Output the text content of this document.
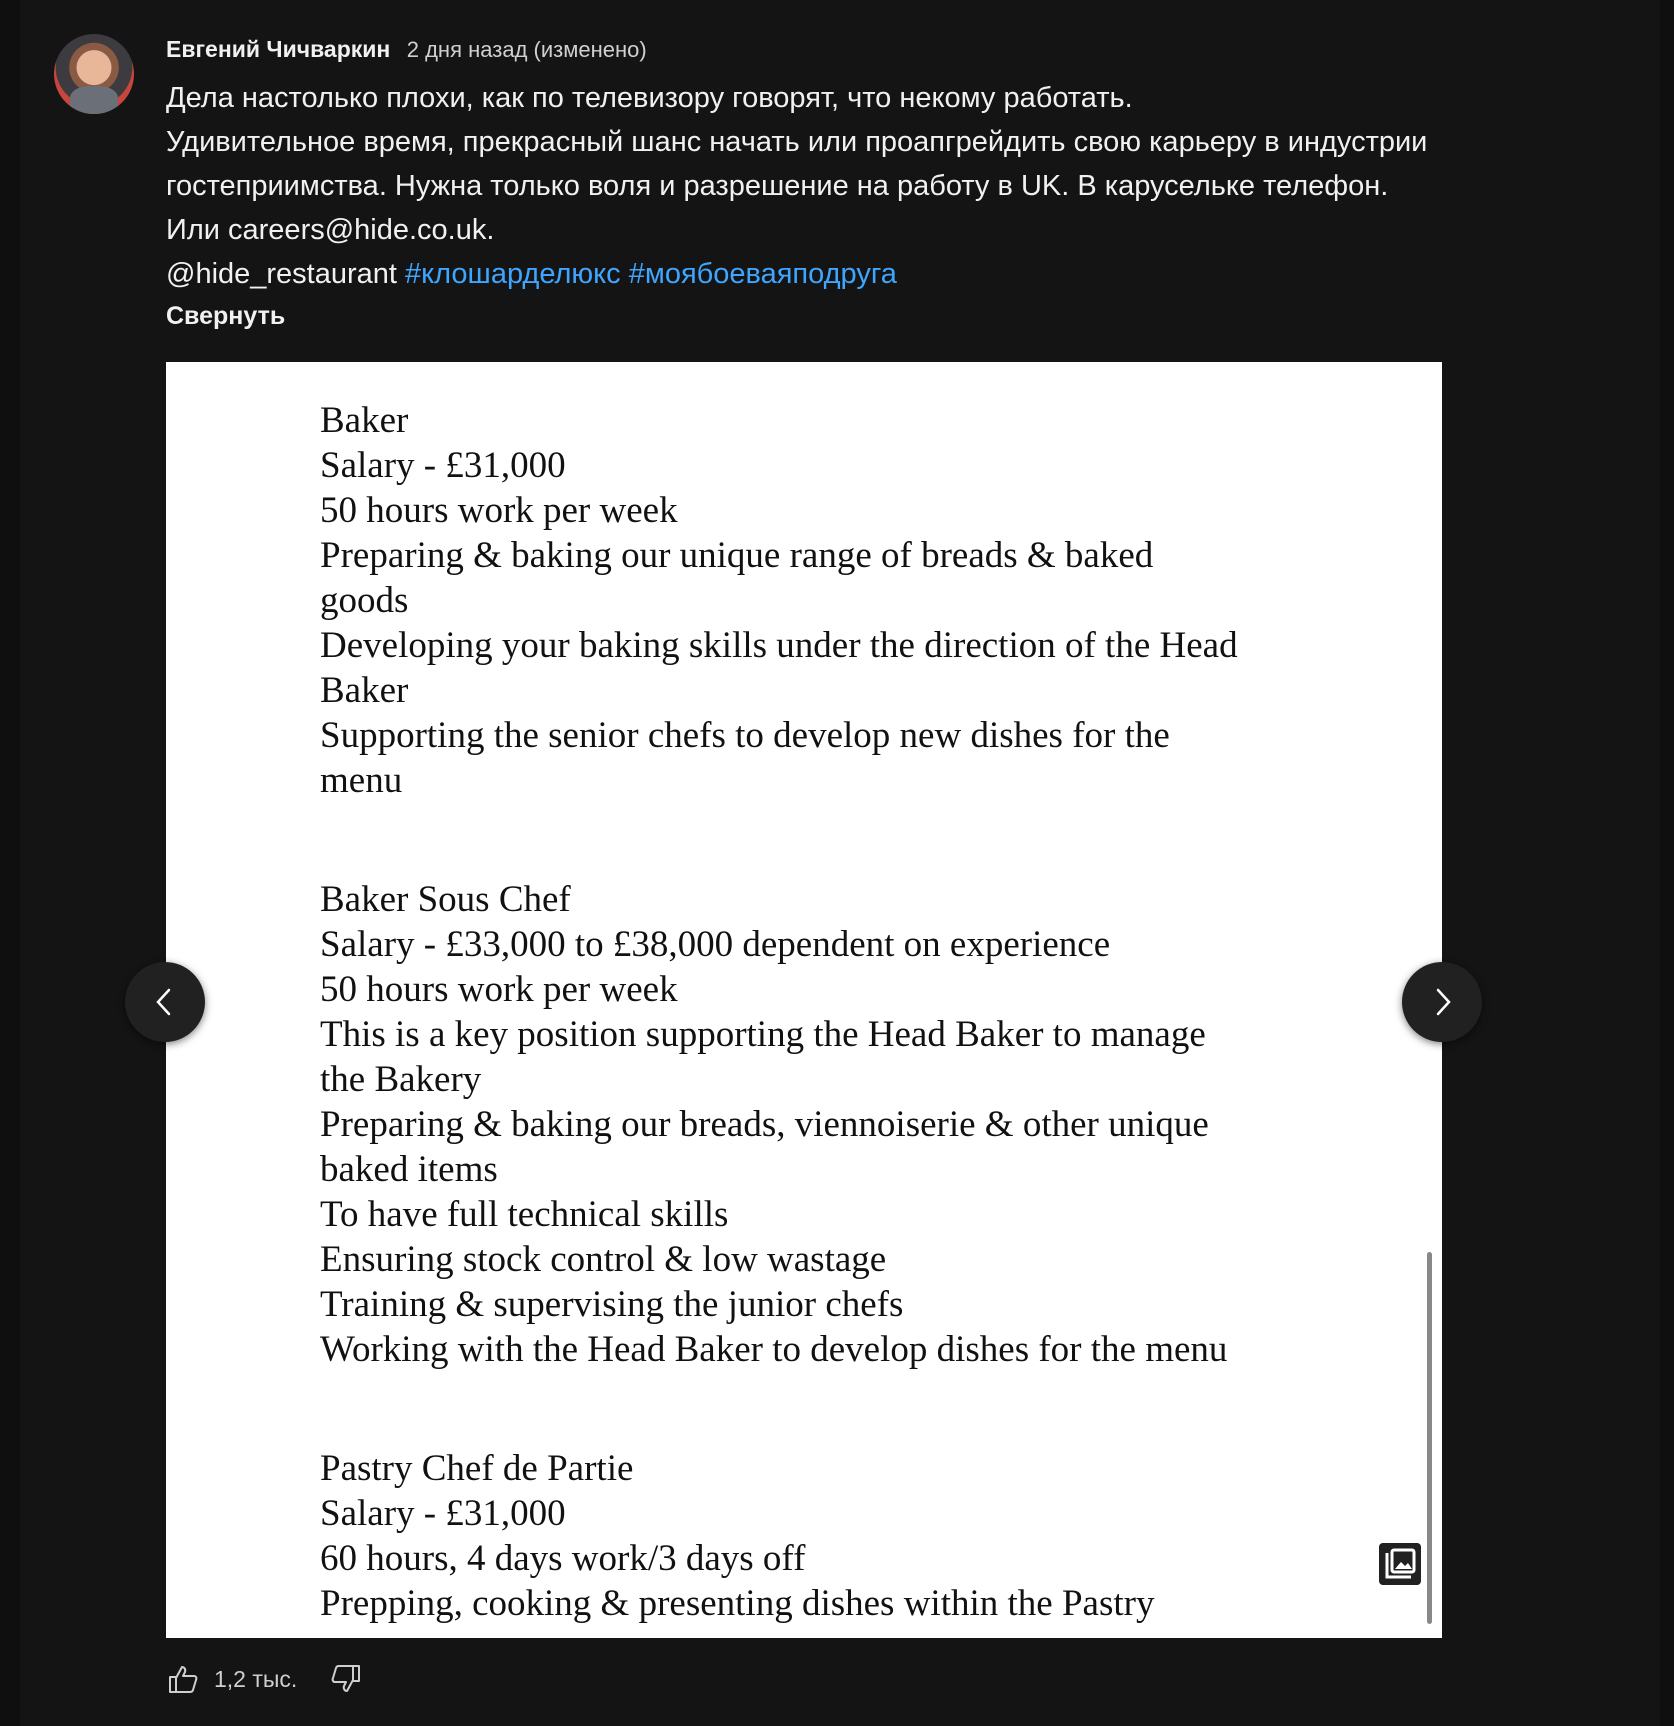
Евгений Чичваркин 2 дня назад (изменено)

Дела настолько плохи, как по телевизору говорят, что некому работать.

Удивительное время, прекрасный шанс начать или проапгрейдить свою карьеру в индустрии

гостеприимства. Нужна только воля и разрешение на работу в UK. В карусельке телефон.

Или careers@hide.co.uk.

@hide_restaurant #клошарделюкс #моябоеваяподруга

Свернуть
Baker
Salary - £31,000
50 hours work per week
Preparing & baking our unique range of breads & baked
goods
Developing your baking skills under the direction of the Head
Baker
Supporting the senior chefs to develop new dishes for the
menu
Baker Sous Chef
Salary - £33,000 to £38,000 dependent on experience
50 hours work per week
This is a key position supporting the Head Baker to manage
the Bakery
Preparing & baking our breads, viennoiserie & other unique
baked items
To have full technical skills
Ensuring stock control & low wastage
Training & supervising the junior chefs
Working with the Head Baker to develop dishes for the menu
Pastry Chef de Partie
Salary - £31,000
60 hours, 4 days work/3 days off
Prepping, cooking & presenting dishes within the Pastry
1,2 тыс.
